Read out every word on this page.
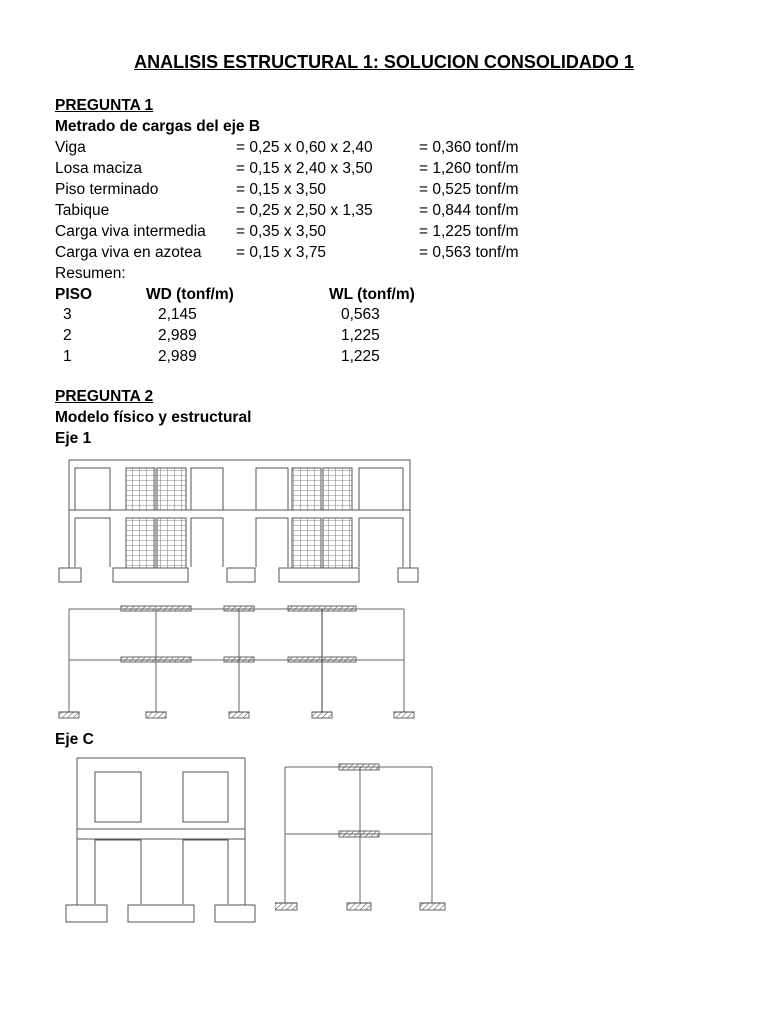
ANALISIS ESTRUCTURAL 1: SOLUCION CONSOLIDADO 1
PREGUNTA 1
Metrado de cargas del eje B
Viga	= 0,25 x 0,60 x 2,40	= 0,360 tonf/m
Losa maciza	= 0,15 x 2,40 x 3,50	= 1,260 tonf/m
Piso terminado	= 0,15 x 3,50	= 0,525 tonf/m
Tabique	= 0,25 x 2,50 x 1,35	= 0,844 tonf/m
Carga viva intermedia = 0,35 x 3,50	= 1,225 tonf/m
Carga viva en azotea = 0,15 x 3,75	= 0,563 tonf/m
Resumen:
PISO	WD (tonf/m)	WL (tonf/m)
3	2,145	0,563
2	2,989	1,225
1	2,989	1,225
PREGUNTA 2
Modelo físico y estructural
Eje 1
Eje C
